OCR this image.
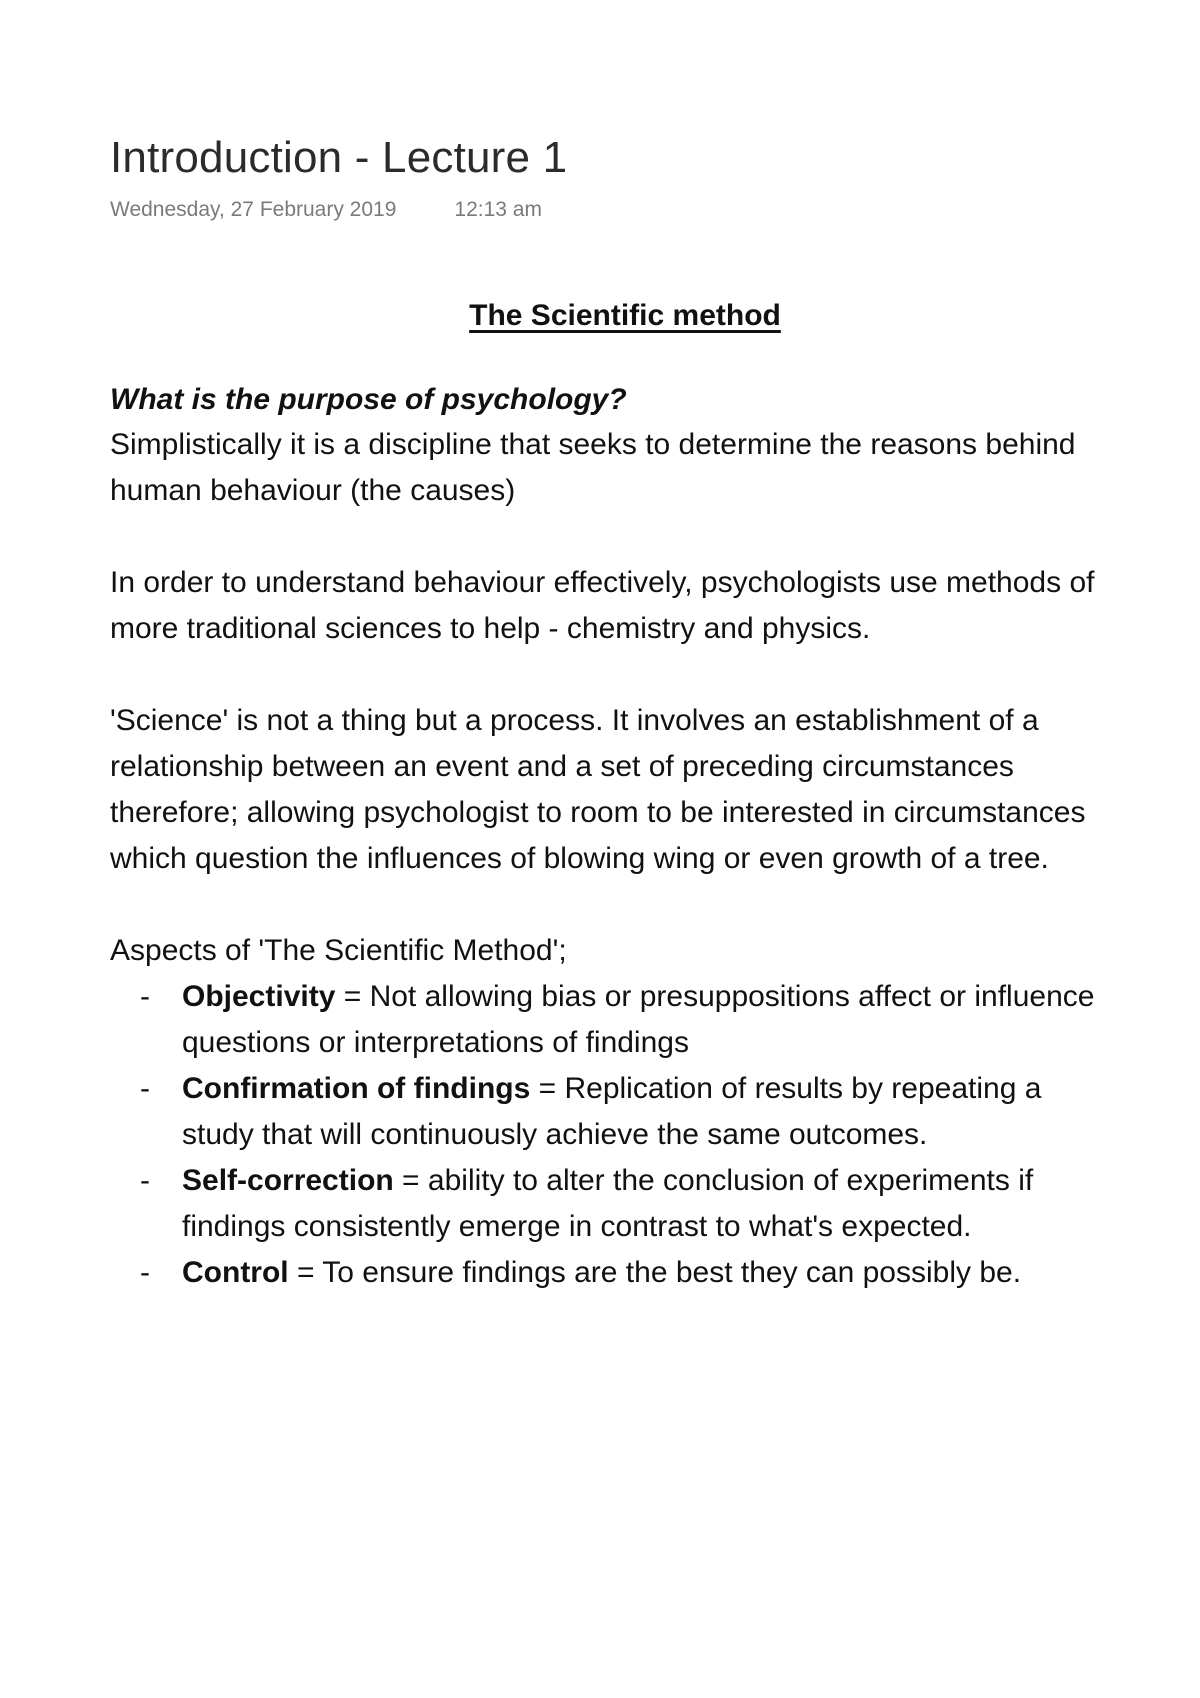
Introduction - Lecture 1
Wednesday, 27 February 2019	12:13 am
The Scientific method
What is the purpose of psychology?

Simplistically it is a discipline that seeks to determine the reasons behind human behaviour (the causes)

In order to understand behaviour effectively, psychologists use methods of more traditional sciences to help - chemistry and physics.

'Science' is not a thing but a process. It involves an establishment of a relationship between an event and a set of preceding circumstances therefore; allowing psychologist to room to be interested in circumstances which question the influences of blowing wing or even growth of a tree.

Aspects of 'The Scientific Method';
- Objectivity = Not allowing bias or presuppositions affect or influence questions or interpretations of findings
- Confirmation of findings = Replication of results by repeating a study that will continuously achieve the same outcomes.
- Self-correction = ability to alter the conclusion of experiments if findings consistently emerge in contrast to what's expected.
- Control = To ensure findings are the best they can possibly be.
